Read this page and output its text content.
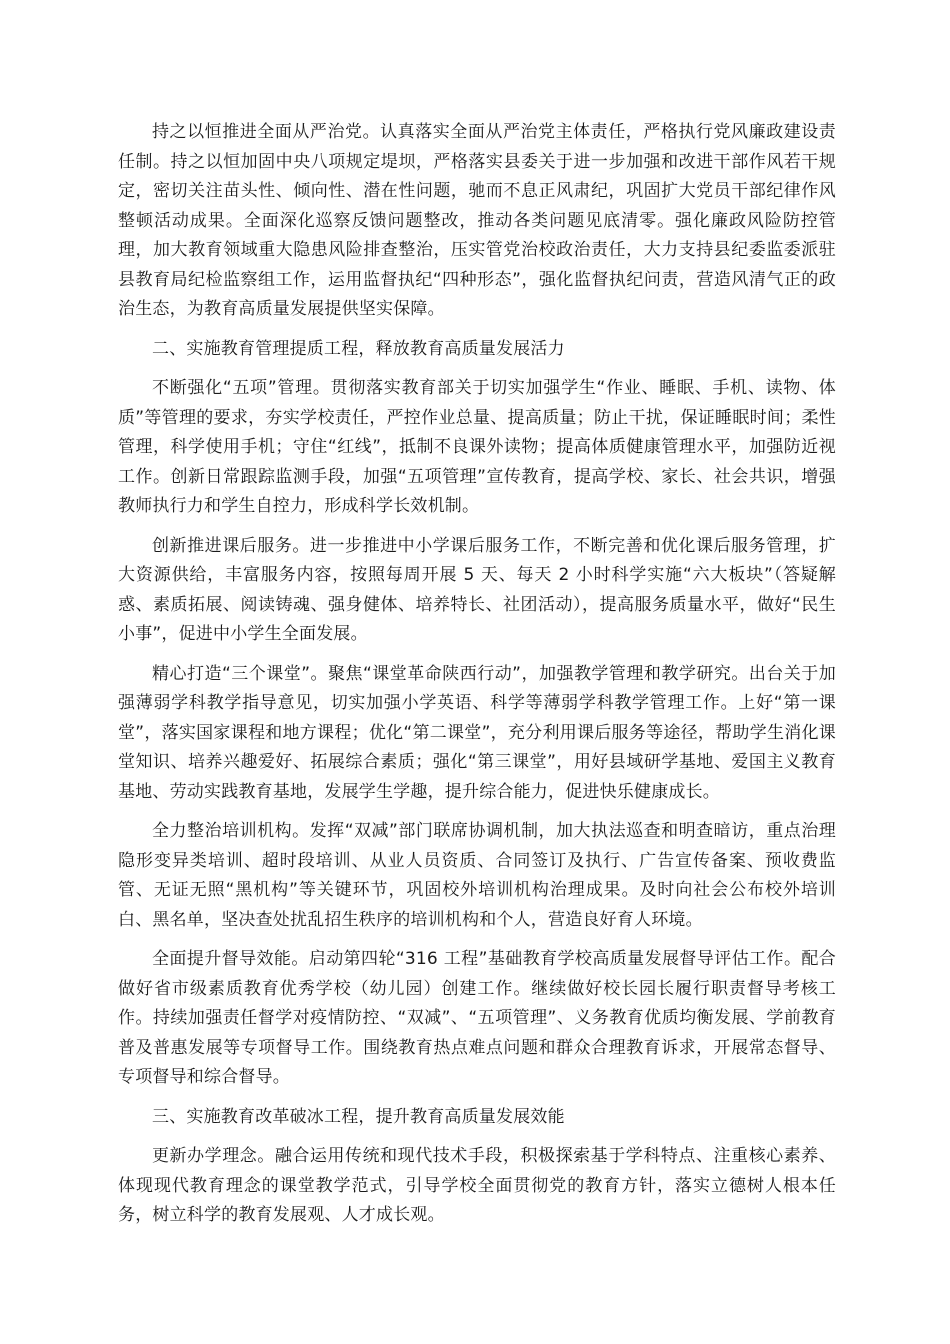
持之以恒推进全面从严治党。认真落实全面从严治党主体责任，严格执行党风廉政建设责任制。持之以恒加固中央八项规定堤坝，严格落实县委关于进一步加强和改进干部作风若干规定，密切关注苗头性、倾向性、潜在性问题，驰而不息正风肃纪，巩固扩大党员干部纪律作风整顿活动成果。全面深化巡察反馈问题整改，推动各类问题见底清零。强化廉政风险防控管理，加大教育领域重大隐患风险排查整治，压实管党治校政治责任，大力支持县纪委监委派驻县教育局纪检监察组工作，运用监督执纪“四种形态”，强化监督执纪问责，营造风清气正的政治生态，为教育高质量发展提供坚实保障。

二、实施教育管理提质工程，释放教育高质量发展活力

不断强化“五项”管理。贯彻落实教育部关于切实加强学生“作业、睡眠、手机、读物、体质”等管理的要求，夯实学校责任，严控作业总量、提高质量；防止干扰，保证睡眠时间；柔性管理，科学使用手机；守住“红线”，抵制不良课外读物；提高体质健康管理水平，加强防近视工作。创新日常跟踪监测手段，加强“五项管理”宣传教育，提高学校、家长、社会共识，增强教师执行力和学生自控力，形成科学长效机制。

创新推进课后服务。进一步推进中小学课后服务工作，不断完善和优化课后服务管理，扩大资源供给，丰富服务内容，按照每周开展 5 天、每天 2 小时科学实施“六大板块”（答疑解惑、素质拓展、阅读铸魂、强身健体、培养特长、社团活动），提高服务质量水平，做好“民生小事”，促进中小学生全面发展。

精心打造“三个课堂”。聚焦“课堂革命陕西行动”，加强教学管理和教学研究。出台关于加强薄弱学科教学指导意见，切实加强小学英语、科学等薄弱学科教学管理工作。上好“第一课堂”，落实国家课程和地方课程；优化“第二课堂”，充分利用课后服务等途径，帮助学生消化课堂知识、培养兴趣爱好、拓展综合素质；强化“第三课堂”，用好县域研学基地、爱国主义教育基地、劳动实践教育基地，发展学生学趣，提升综合能力，促进快乐健康成长。

全力整治培训机构。发挥“双减”部门联席协调机制，加大执法巡查和明查暗访，重点治理隐形变异类培训、超时段培训、从业人员资质、合同签订及执行、广告宣传备案、预收费监管、无证无照“黑机构”等关键环节，巩固校外培训机构治理成果。及时向社会公布校外培训白、黑名单，坚决查处扰乱招生秩序的培训机构和个人，营造良好育人环境。

全面提升督导效能。启动第四轮“316 工程”基础教育学校高质量发展督导评估工作。配合做好省市级素质教育优秀学校（幼儿园）创建工作。继续做好校长园长履行职责督导考核工作。持续加强责任督学对疫情防控、“双减”、“五项管理”、义务教育优质均衡发展、学前教育普及普惠发展等专项督导工作。围绕教育热点难点问题和群众合理教育诉求，开展常态督导、专项督导和综合督导。

三、实施教育改革破冰工程，提升教育高质量发展效能

更新办学理念。融合运用传统和现代技术手段，积极探索基于学科特点、注重核心素养、体现现代教育理念的课堂教学范式，引导学校全面贯彻党的教育方针，落实立德树人根本任务，树立科学的教育发展观、人才成长观。
